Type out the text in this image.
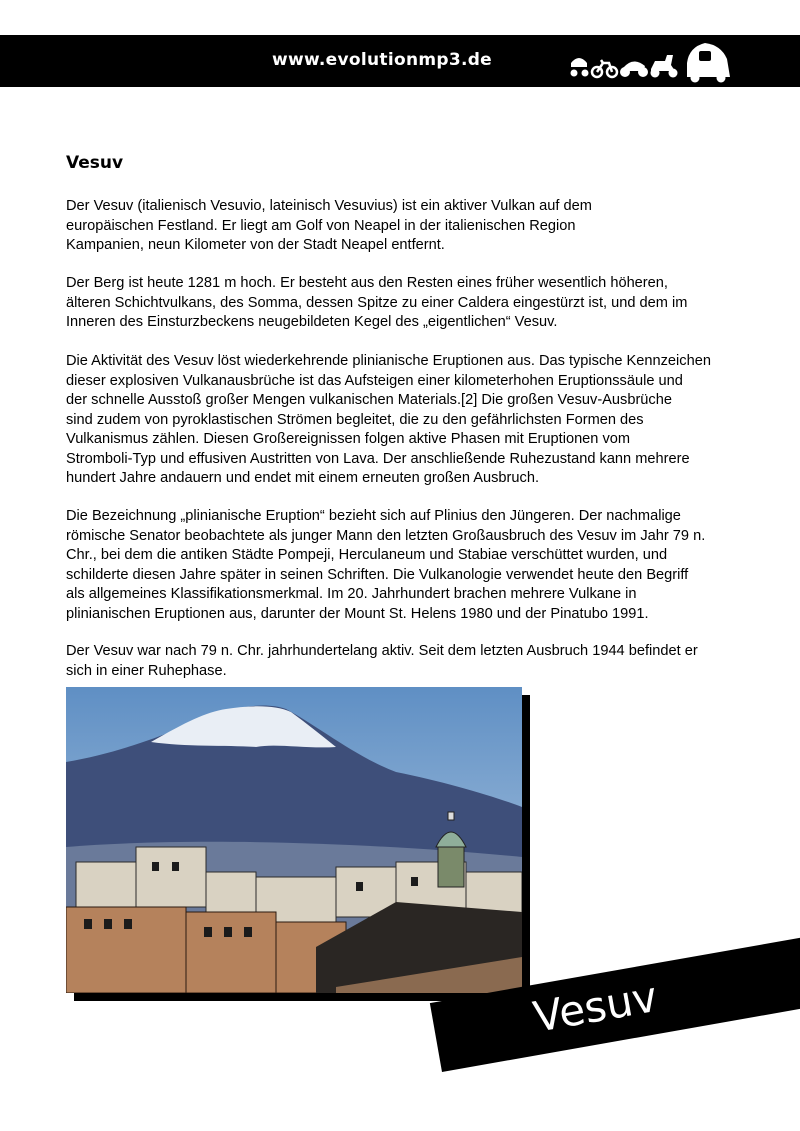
www.evolutionmp3.de
Vesuv

Der Vesuv (italienisch Vesuvio, lateinisch Vesuvius) ist ein aktiver Vulkan auf dem
europäischen Festland. Er liegt am Golf von Neapel in der italienischen Region
Kampanien, neun Kilometer von der Stadt Neapel entfernt.

Der Berg ist heute 1281 m hoch. Er besteht aus den Resten eines früher wesentlich höheren,
älteren Schichtvulkans, des Somma, dessen Spitze zu einer Caldera eingestürzt ist, und dem im
Inneren des Einsturzbeckens neugebildeten Kegel des „eigentlichen“ Vesuv.

Die Aktivität des Vesuv löst wiederkehrende plinianische Eruptionen aus. Das typische Kennzeichen
dieser explosiven Vulkanausbrüche ist das Aufsteigen einer kilometerhohen Eruptionssäule und
der schnelle Ausstoß großer Mengen vulkanischen Materials.[2] Die großen Vesuv-Ausbrüche
sind zudem von pyroklastischen Strömen begleitet, die zu den gefährlichsten Formen des
Vulkanismus zählen. Diesen Großereignissen folgen aktive Phasen mit Eruptionen vom
Stromboli-Typ und effusiven Austritten von Lava. Der anschließende Ruhezustand kann mehrere
hundert Jahre andauern und endet mit einem erneuten großen Ausbruch.

Die Bezeichnung „plinianische Eruption“ bezieht sich auf Plinius den Jüngeren. Der nachmalige
römische Senator beobachtete als junger Mann den letzten Großausbruch des Vesuv im Jahr 79 n.
Chr., bei dem die antiken Städte Pompeji, Herculaneum und Stabiae verschüttet wurden, und
schilderte diesen Jahre später in seinen Schriften. Die Vulkanologie verwendet heute den Begriff
als allgemeines Klassifikationsmerkmal. Im 20. Jahrhundert brachen mehrere Vulkane in
plinianischen Eruptionen aus, darunter der Mount St. Helens 1980 und der Pinatubo 1991.

Der Vesuv war nach 79 n. Chr. jahrhundertelang aktiv. Seit dem letzten Ausbruch 1944 befindet er
sich in einer Ruhephase.

Vesuv
